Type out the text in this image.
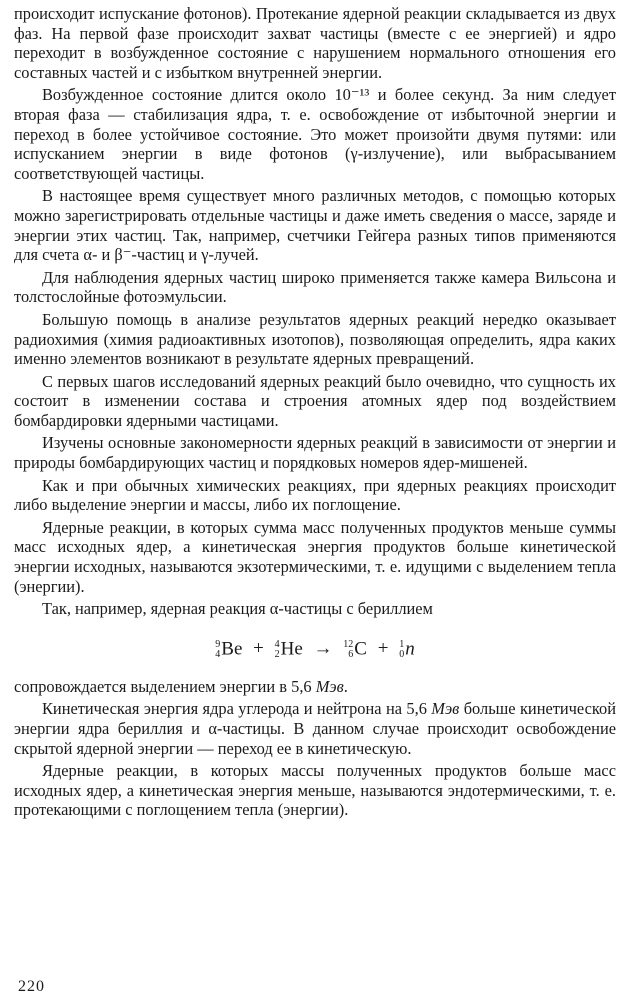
происходит испускание фотонов). Протекание ядерной реакции складывается из двух фаз. На первой фазе происходит захват частицы (вместе с ее энергией) и ядро переходит в возбужденное состояние с нарушением нормального отношения его составных частей и с избытком внутренней энергии.

Возбужденное состояние длится около 10⁻¹³ и более секунд. За ним следует вторая фаза — стабилизация ядра, т. е. освобождение от избыточной энергии и переход в более устойчивое состояние. Это может произойти двумя путями: или испусканием энергии в виде фотонов (γ-излучение), или выбрасыванием соответствующей частицы.

В настоящее время существует много различных методов, с помощью которых можно зарегистрировать отдельные частицы и даже иметь сведения о массе, заряде и энергии этих частиц. Так, например, счетчики Гейгера разных типов применяются для счета α- и β⁻-частиц и γ-лучей.

Для наблюдения ядерных частиц широко применяется также камера Вильсона и толстослойные фотоэмульсии.

Большую помощь в анализе результатов ядерных реакций нередко оказывает радиохимия (химия радиоактивных изотопов), позволяющая определить, ядра каких именно элементов возникают в результате ядерных превращений.

С первых шагов исследований ядерных реакций было очевидно, что сущность их состоит в изменении состава и строения атомных ядер под воздействием бомбардировки ядерными частицами.

Изучены основные закономерности ядерных реакций в зависимости от энергии и природы бомбардирующих частиц и порядковых номеров ядер-мишеней.

Как и при обычных химических реакциях, при ядерных реакциях происходит либо выделение энергии и массы, либо их поглощение.

Ядерные реакции, в которых сумма масс полученных продуктов меньше суммы масс исходных ядер, а кинетическая энергия продуктов больше кинетической энергии исходных, называются экзотермическими, т. е. идущими с выделением тепла (энергии).

Так, например, ядерная реакция α-частицы с бериллием

9
4 Be + 4
2 He → 12
6 C + 1
0 n

сопровождается выделением энергии в 5,6 Мэв.

Кинетическая энергия ядра углерода и нейтрона на 5,6 Мэв больше кинетической энергии ядра бериллия и α-частицы. В данном случае происходит освобождение скрытой ядерной энергии — переход ее в кинетическую.

Ядерные реакции, в которых массы полученных продуктов больше масс исходных ядер, а кинетическая энергия меньше, называются эндотермическими, т. е. протекающими с поглощением тепла (энергии).

220
